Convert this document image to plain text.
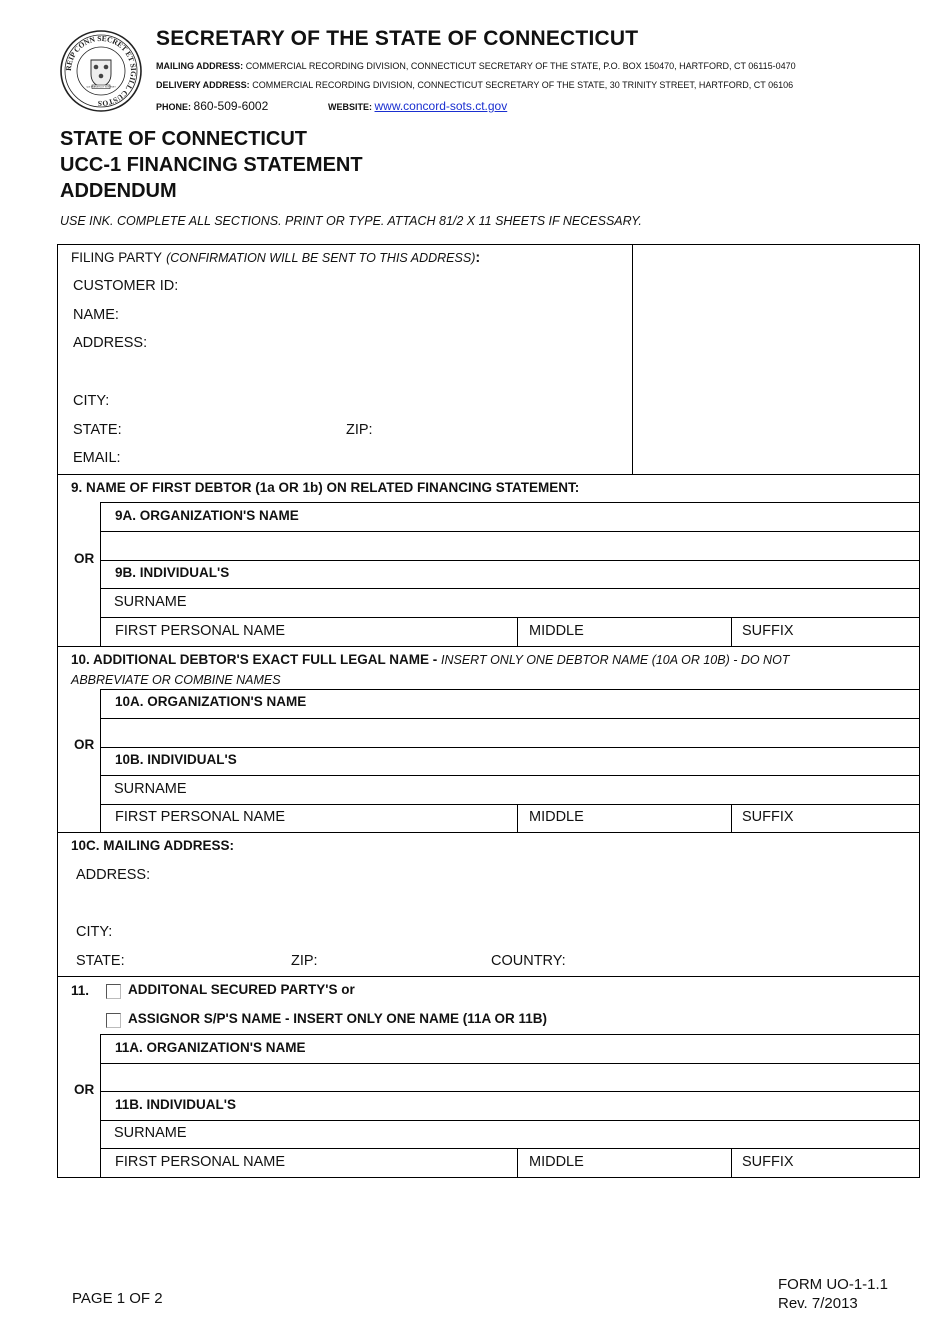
REIP CONN SECRET ET SIGILL CUSTOS
QUI TRANSTULIT SUSTINET
SECRETARY OF THE STATE OF CONNECTICUT
MAILING ADDRESS: COMMERCIAL RECORDING DIVISION, CONNECTICUT SECRETARY OF THE STATE, P.O. BOX 150470, HARTFORD, CT 06115-0470
DELIVERY ADDRESS: COMMERCIAL RECORDING DIVISION, CONNECTICUT SECRETARY OF THE STATE, 30 TRINITY STREET, HARTFORD, CT 06106
PHONE: 860-509-6002	WEBSITE: www.concord-sots.ct.gov
STATE OF CONNECTICUT
UCC-1 FINANCING STATEMENT
ADDENDUM
USE INK. COMPLETE ALL SECTIONS. PRINT OR TYPE. ATTACH 81/2 X 11 SHEETS IF NECESSARY.
FILING PARTY (CONFIRMATION WILL BE SENT TO THIS ADDRESS):
CUSTOMER ID:
NAME:
ADDRESS:
CITY:
STATE:	ZIP:
EMAIL:
9. NAME OF FIRST DEBTOR (1a OR 1b) ON RELATED FINANCING STATEMENT:
9A. ORGANIZATION'S NAME
OR
9B. INDIVIDUAL'S
SURNAME
FIRST PERSONAL NAME	MIDDLE	SUFFIX
10. ADDITIONAL DEBTOR'S EXACT FULL LEGAL NAME - INSERT ONLY ONE DEBTOR NAME (10A OR 10B) - DO NOT
ABBREVIATE OR COMBINE NAMES
10A. ORGANIZATION'S NAME
OR
10B. INDIVIDUAL'S
SURNAME
FIRST PERSONAL NAME	MIDDLE	SUFFIX
10C. MAILING ADDRESS:
ADDRESS:
CITY:
STATE:	ZIP:	COUNTRY:
11.	ADDITONAL SECURED PARTY'S or
ASSIGNOR S/P'S NAME - INSERT ONLY ONE NAME (11A OR 11B)
11A. ORGANIZATION'S NAME
OR
11B. INDIVIDUAL'S
SURNAME
FIRST PERSONAL NAME	MIDDLE	SUFFIX
PAGE 1 OF 2
FORM UO-1-1.1
Rev. 7/2013
